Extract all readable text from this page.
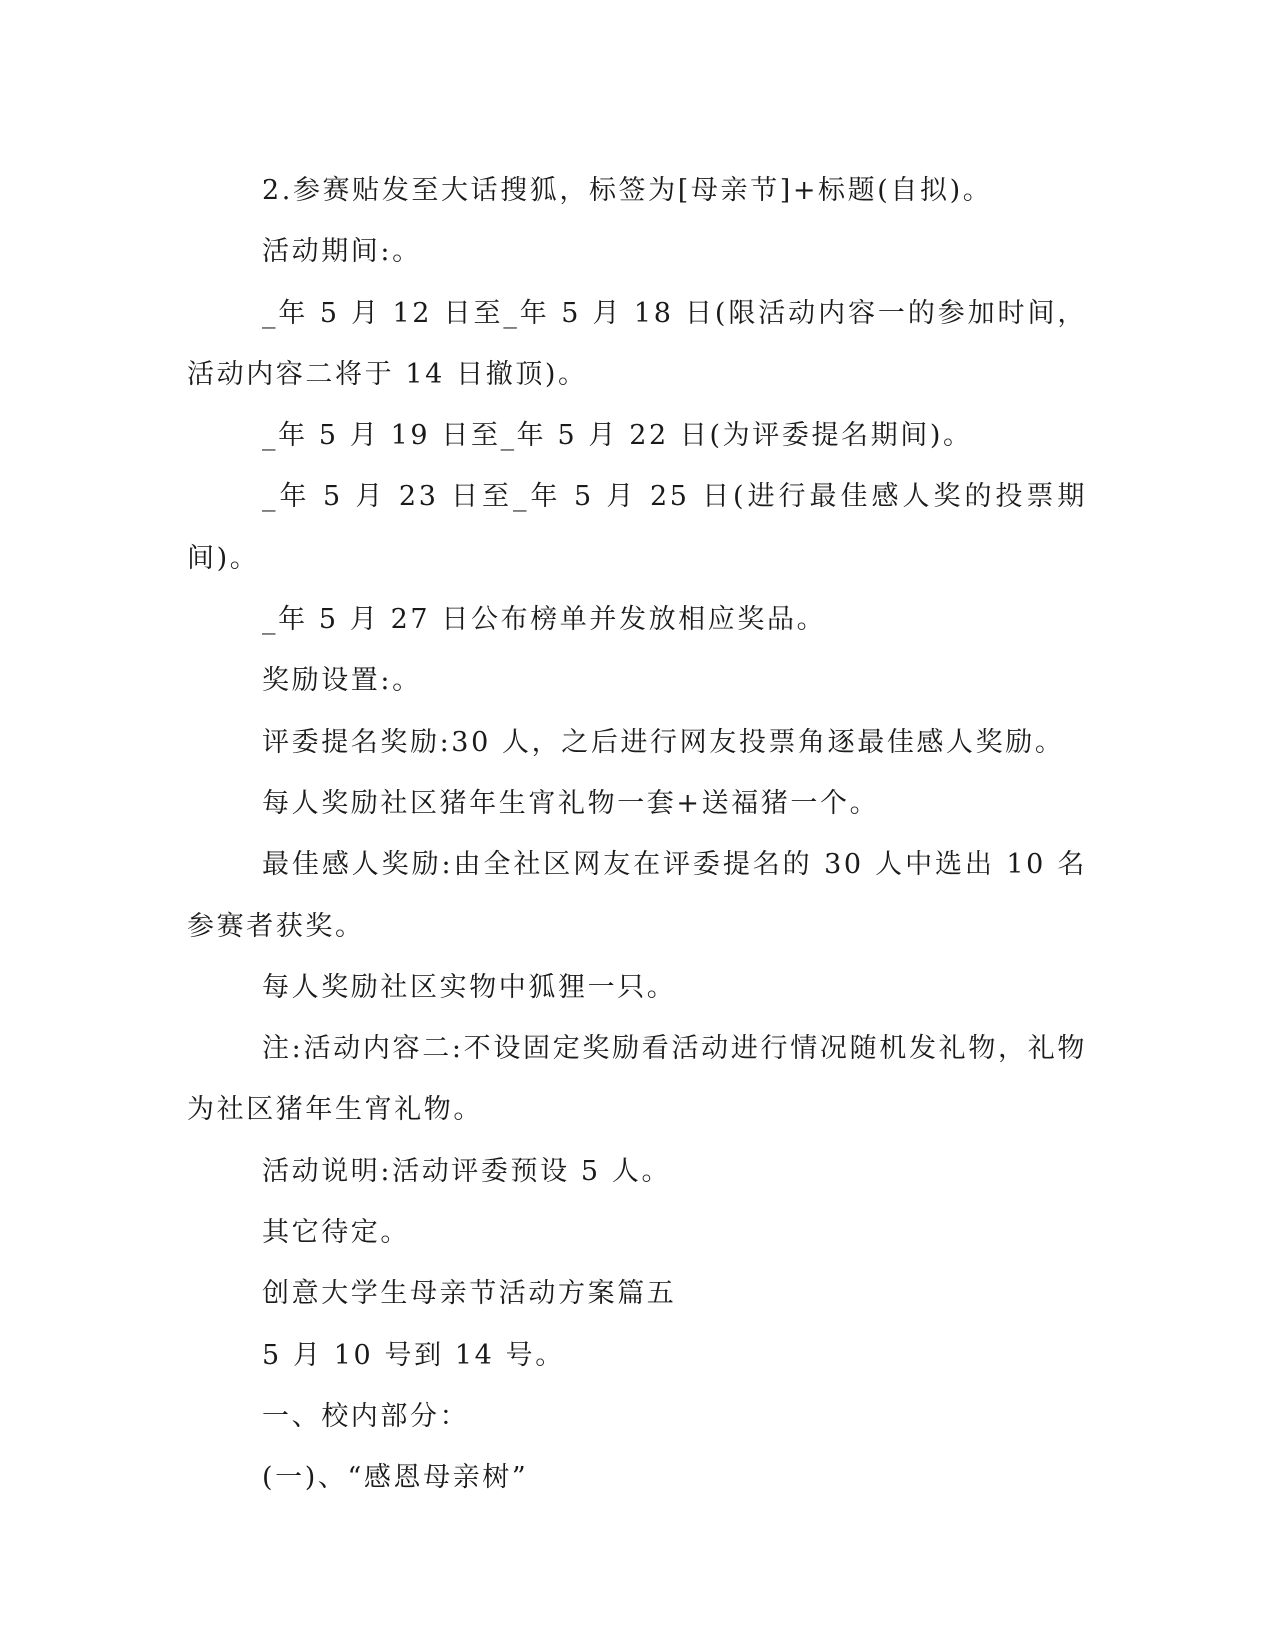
2.参赛贴发至大话搜狐，标签为[母亲节]+标题(自拟)。

活动期间:。

_年 5 月 12 日至_年 5 月 18 日(限活动内容一的参加时间，活动内容二将于 14 日撤顶)。

_年 5 月 19 日至_年 5 月 22 日(为评委提名期间)。

_年 5 月 23 日至_年 5 月 25 日(进行最佳感人奖的投票期间)。

_年 5 月 27 日公布榜单并发放相应奖品。

奖励设置:。

评委提名奖励:30 人，之后进行网友投票角逐最佳感人奖励。

每人奖励社区猪年生宵礼物一套+送福猪一个。

最佳感人奖励:由全社区网友在评委提名的 30 人中选出 10 名参赛者获奖。

每人奖励社区实物中狐狸一只。

注:活动内容二:不设固定奖励看活动进行情况随机发礼物，礼物为社区猪年生宵礼物。

活动说明:活动评委预设 5 人。

其它待定。

创意大学生母亲节活动方案篇五

5 月 10 号到 14 号。

一、校内部分：

(一)、“感恩母亲树”
